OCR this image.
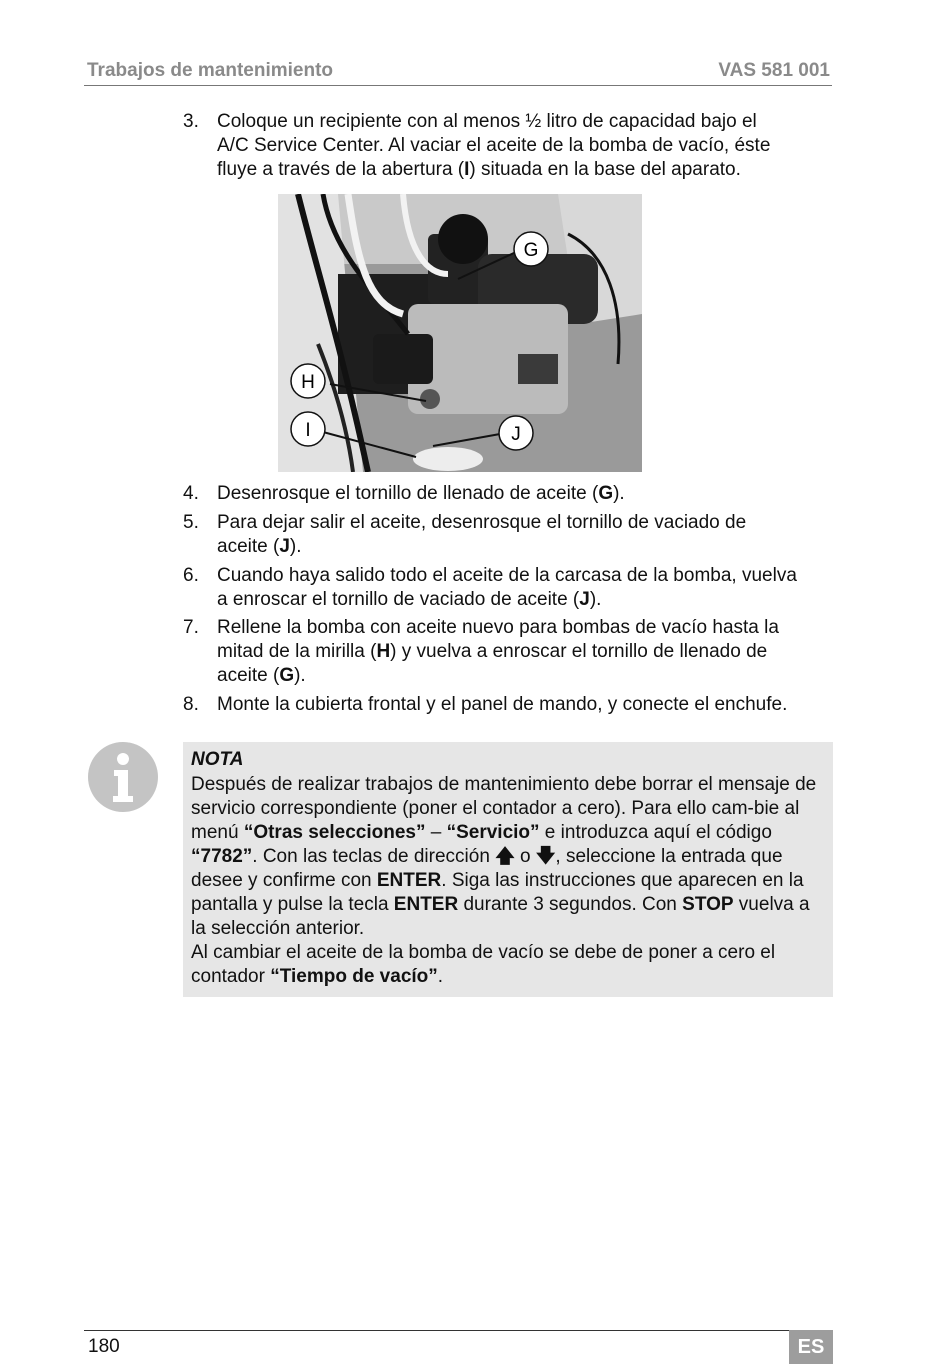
Trabajos de mantenimiento	VAS 581 001
3. Coloque un recipiente con al menos ½ litro de capacidad bajo el
A/C Service Center. Al vaciar el aceite de la bomba de vacío, éste
fluye a través de la abertura (I) situada en la base del aparato.
G
H
I	J
4. Desenrosque el tornillo de llenado de aceite (G).
5. Para dejar salir el aceite, desenrosque el tornillo de vaciado de
aceite (J).
6. Cuando haya salido todo el aceite de la carcasa de la bomba, vuelva
a enroscar el tornillo de vaciado de aceite (J).
7. Rellene la bomba con aceite nuevo para bombas de vacío hasta la
mitad de la mirilla (H) y vuelva a enroscar el tornillo de llenado de
aceite (G).
8. Monte la cubierta frontal y el panel de mando, y conecte el enchufe.
NOTA
Después de realizar trabajos de mantenimiento debe borrar el mensaje de servicio correspondiente (poner el contador a cero). Para ello cam-bie al menú “Otras selecciones” – “Servicio” e introduzca aquí el código “7782”. Con las teclas de dirección 🡅 o 🡇, seleccione la entrada que desee y confirme con ENTER. Siga las instrucciones que aparecen en la pantalla y pulse la tecla ENTER durante 3 segundos. Con STOP vuelva a la selección anterior.
Al cambiar el aceite de la bomba de vacío se debe de poner a cero el contador “Tiempo de vacío”.
180	ES
